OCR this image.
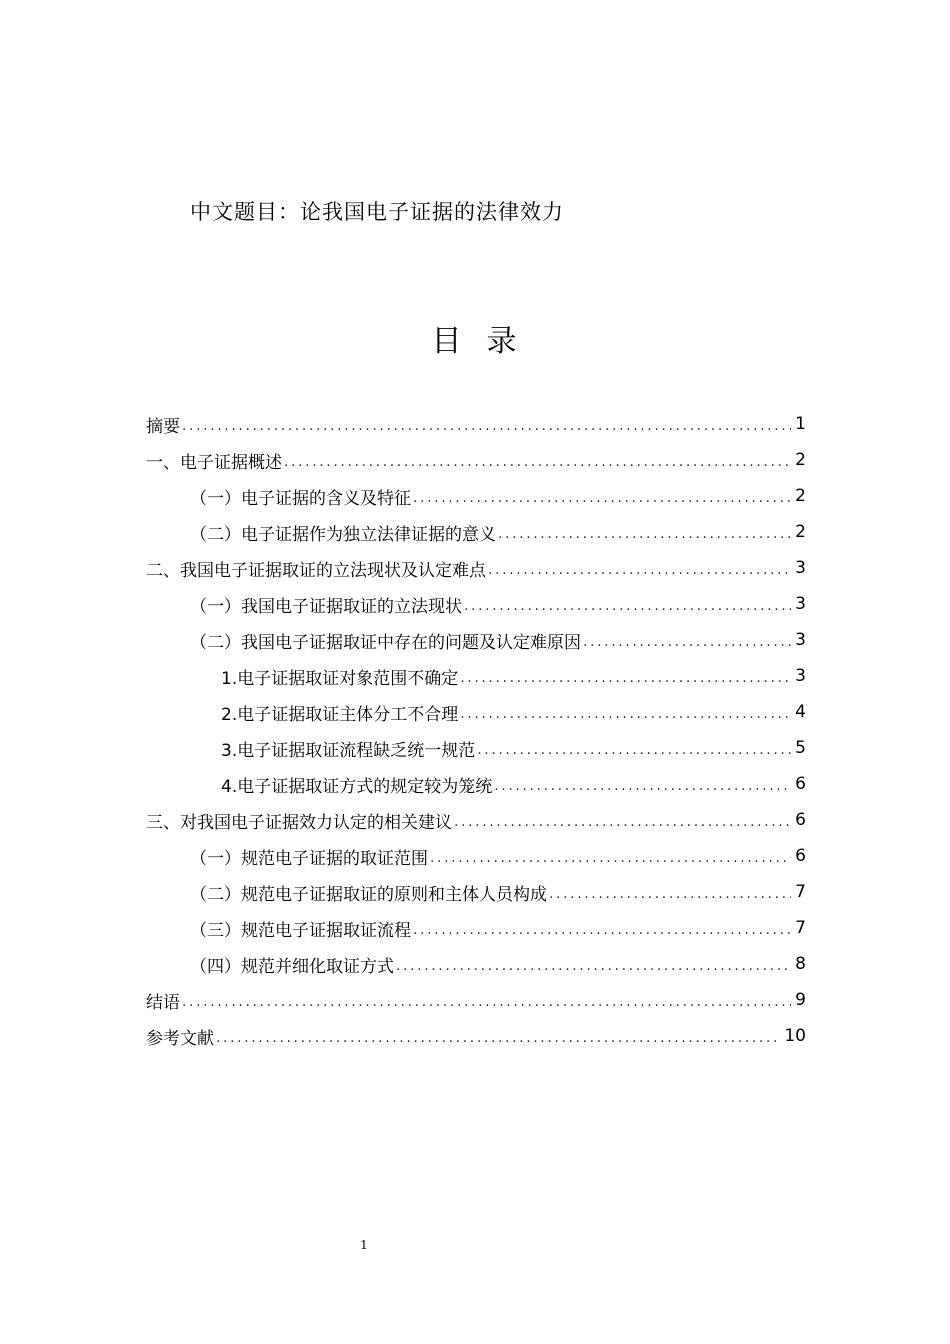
中文题目：论我国电子证据的法律效力
目  录
摘要 .....	1
一、电子证据概述 .....	2
（一）电子证据的含义及特征 .....	2
（二）电子证据作为独立法律证据的意义 .....	2
二、我国电子证据取证的立法现状及认定难点 .....	3
（一）我国电子证据取证的立法现状 .....	3
（二）我国电子证据取证中存在的问题及认定难原因 .....	3
1.电子证据取证对象范围不确定 .....	3
2.电子证据取证主体分工不合理 .....	4
3.电子证据取证流程缺乏统一规范 .....	5
4.电子证据取证方式的规定较为笼统 .....	6
三、对我国电子证据效力认定的相关建议 .....	6
（一）规范电子证据的取证范围 .....	6
（二）规范电子证据取证的原则和主体人员构成 .....	7
（三）规范电子证据取证流程 .....	7
（四）规范并细化取证方式 .....	8
结语 .....	9
参考文献 .....	10
1
